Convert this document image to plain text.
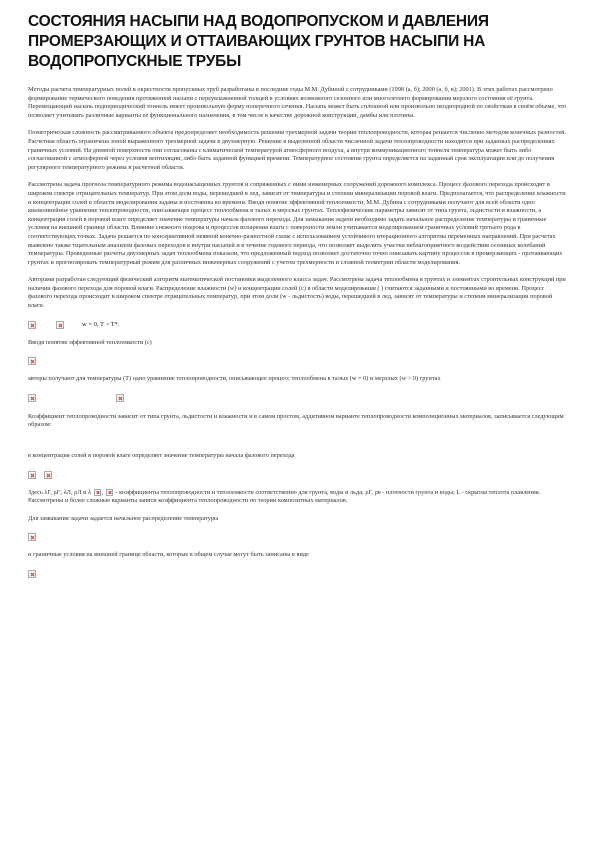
СОСТОЯНИЯ НАСЫПИ НАД ВОДОПРОПУСКОМ И ДАВЛЕНИЯ ПРОМЕРЗАЮЩИХ И ОТТАИВАЮЩИХ ГРУНТОВ НАСЫПИ НА ВОДОПРОПУСКНЫЕ ТРУБЫ

Методы расчета температурных полей в окрестности пропускных труб разработаны в последние годы М.М. Дубиной с сотрудниками (1998 (а, б); 2000 (а, б, в); 2001). В этих работах рассмотрено формирование термического поведения протяженной насыпи с переувлажненной толщей в условиях возможного сезонного или многолетнего формирования мерзлого состояния её грунта. Перемещающий насыпь подпериодический тоннель имеет произвольную форму поперечного сечения. Насыпь может быть сплошной или произвольно неоднородной по свойствам в своём объеме, что позволяет учитывать различные варианты её функционального назначения, в том числе в качестве дорожной конструкции, дамбы или плотины.

Геометрическая сложность рассматриваемого объекта предопределяет необходимость решения трехмерной задачи теории теплопроводности, которая решается численно методом конечных разностей. Расчетная область ограничена зоной выраженного трехмерной задачи в двухмерную. Решение в выделенной области численной задачи теплопроводности находится при заданных распределениях граничных условий. На дневной поверхности они согласованы с климатической температурой атмосферного воздуха, а внутри коммуникационного тоннеля температура может быть либо согласованной с атмосферной через условия вентиляции, либо быть заданной функцией времени. Температурное состояние грунта определяется на заданный срок эксплуатации или до получения регулярного температурного режима в расчетной области.

Рассмотрена задача прогноза температурного режима водонасыщенных грунтов и сопряженных с ними инженерных сооружений дорожного комплекса. Процесс фазового перехода происходит в широком спектре отрицательных температур. При этом доли воды, перешедшей в лед, зависят от температуры и степени минерализации поровой влаги. Предполагается, что распределение влажности и концентрации солей в области моделирования заданы и постоянны во времени. Вводя понятие эффективной теплоемкости, М.М. Дубина с сотрудниками получают для всей области одно квазилинейное уравнение теплопроводности, описывающее процесс теплообмена в талых и мерзлых грунтах. Теплофизические параметры зависят от типа грунта, льдистости и влажности, а концентрация солей в поровой влаге определяет значение температуры начала фазового перехода. Для замыкания задачи необходимо задать начальное распределение температуры и граничные условия на внешней границе области. Влияние снежного покрова и процессов испарения влаги с поверхности земли учитывается моделированием граничных условий третьего рода в соответствующих точках. Задача решается по консервативной неявной конечно-разностной схеме с использованием устойчивого итерационного алгоритма переменных направлений. При расчетах выявлено также тщательным анализом фазовых переходов в внутри насыпей и в течение годового периода, что позволяет выделить участки неблагоприятного воздействия сезонных колебаний температуры. Проведенные расчеты двухмерных задач теплообмена показали, что предложенный подход позволяет достаточно точно описывать картину процессов в промерзающих - протаивающих грунтах и прогнозировать температурный режим для различных инженерных сооружений с учетом трехмерности и сложной геометрии области моделирования.

Авторами разработан следующий физический алгоритм математической постановки выделенного класса задач. Рассмотрена задача теплообмена в грунтах и элементах строительных конструкций при наличии фазового перехода для поровой влаги. Распределение влажности (w) и концентрации солей (c) в области моделирования ( ) считаются заданными и постоянными во времени. Процесс фазового перехода происходит в широком спектре отрицательных температур, при этом доли (w - льдистость) воды, перешедшей в лед, зависят от температуры и степени минерализации поровой влаги.

w = 0, T > T*.

Вводя понятие эффективной теплоемкости (с)

авторы получают для температуры (T) одно уравнение теплопроводности, описывающее процесс теплообмена в талых (w = 0) и мерзлых (w > 0) грунтах

Коэффициент теплопроводности зависит от типа грунта, льдистости и влажности и в самом простом, аддитивном варианте теплопроводности композиционных материалов, записывается следующим образом:

в концентрация солей в поровой влаге определяет значение температуры начала фазового перехода

Здесь λГ, ρГ; λЛ, ρЛ и λ ,  - коэффициенты теплопроводности и теплоемкости соответственно для грунта, воды и льда; ρГ, ρв - плотности грунта и воды; L - скрытая теплота плавления. Рассмотрены и более сложные варианты записи коэффициента теплопроводности по теории композитных материалов.

Для замыкания задачи задается начальное распределение температуры

и граничные условия на внешней границе области, которые в общем случае могут быть записаны в виде
